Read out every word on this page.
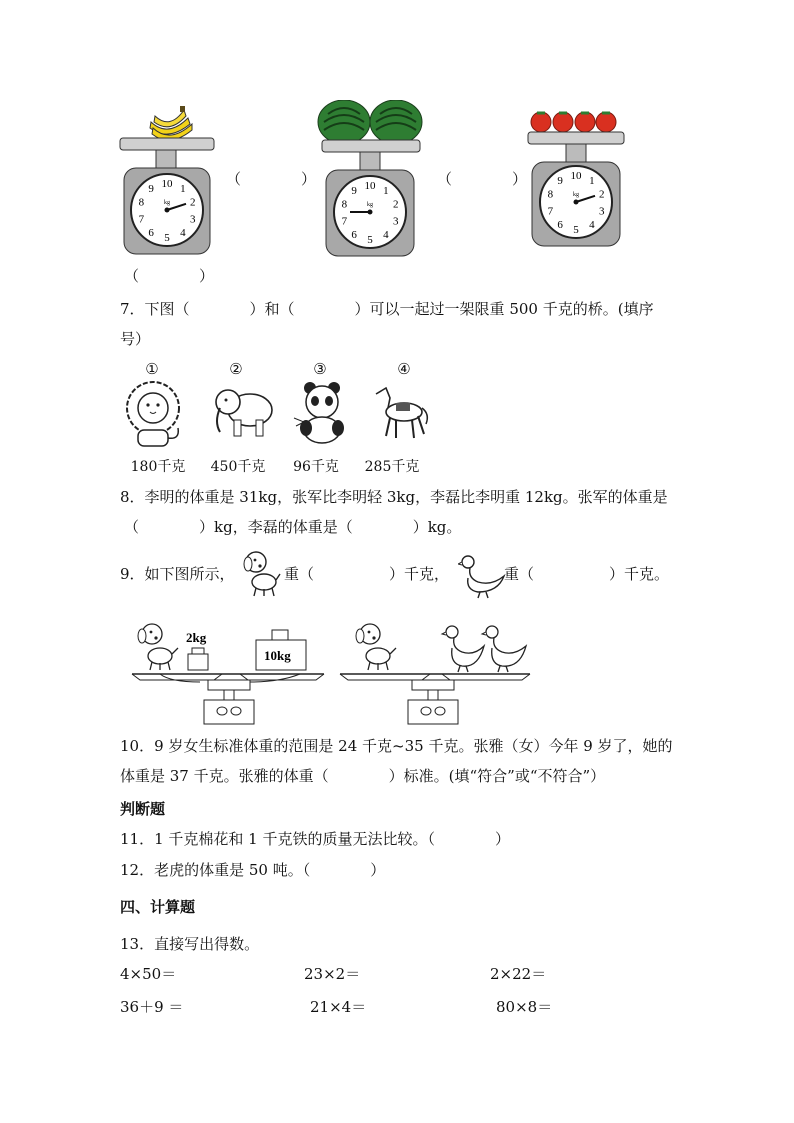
10 1
2
3
4
5
6
7
8
9
kg
（　　　　）	10 1
2
3
4
5
6
7
8
9
kg
（　　　　）	10 1
2
3
4
5
6
7
8
9
kg
（　　　　）
7．下图（　　　　）和（　　　　）可以一起过一架限重 500 千克的桥。(填序
号）
①	②	③	④
180千克	450千克	96千克	285千克
8．李明的体重是 31kg，张军比李明轻 3kg，李磊比李明重 12kg。张军的体重是
（　　　　）kg，李磊的体重是（　　　　）kg。
9．如下图所示，	重（　　　　　）千克，	重（　　　　　）千克。
2kg
10kg
10．9 岁女生标准体重的范围是 24 千克~35 千克。张雅（女）今年 9 岁了，她的
体重是 37 千克。张雅的体重（　　　　）标准。(填“符合”或“不符合”）
判断题
11．1 千克棉花和 1 千克铁的质量无法比较。（　　　　）
12．老虎的体重是 50 吨。（　　　　）
四、计算题
13．直接写出得数。
4×50＝	23×2＝	2×22＝
36＋9 ＝	21×4＝	80×8＝
